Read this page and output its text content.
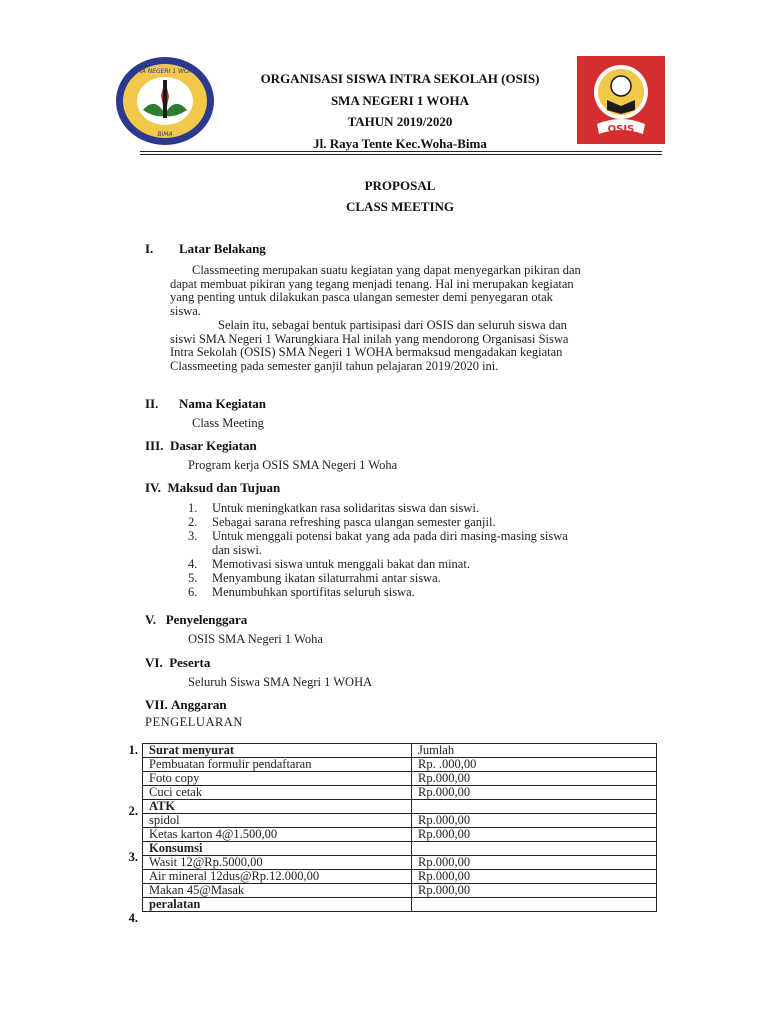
SMA NEGERI 1 WOHA
BIMA
ORGANISASI SISWA INTRA SEKOLAH (OSIS)
SMA NEGERI 1 WOHA
TAHUN 2019/2020
Jl. Raya Tente Kec.Woha-Bima
OSIS
PROPOSAL
CLASS MEETING
I. Latar Belakang
Classmeeting merupakan suatu kegiatan yang dapat menyegarkan pikiran dan
dapat membuat pikiran yang tegang menjadi tenang. Hal ini merupakan kegiatan
yang penting untuk dilakukan pasca ulangan semester demi penyegaran otak
siswa.
Selain itu, sebagai bentuk partisipasi dari OSIS dan seluruh siswa dan
siswi SMA Negeri 1 Warungkiara Hal inilah yang mendorong Organisasi Siswa
Intra Sekolah (OSIS) SMA Negeri 1 WOHA bermaksud mengadakan kegiatan
Classmeeting pada semester ganjil tahun pelajaran 2019/2020 ini.
II. Nama Kegiatan
Class Meeting
III. Dasar Kegiatan
Program kerja OSIS SMA Negeri 1 Woha
IV. Maksud dan Tujuan
1. Untuk meningkatkan rasa solidaritas siswa dan siswi.
2. Sebagai sarana refreshing pasca ulangan semester ganjil.
3. Untuk menggali potensi bakat yang ada pada diri masing-masing siswa
dan siswi.
4. Memotivasi siswa untuk menggali bakat dan minat.
5. Menyambung ikatan silaturrahmi antar siswa.
6. Menumbuhkan sportifitas seluruh siswa.
V. Penyelenggara
OSIS SMA Negeri 1 Woha
VI. Peserta
Seluruh Siswa SMA Negri 1 WOHA
VII. Anggaran
PENGELUARAN
1.
2.
3.
4.
Surat menyurat	Jumlah
Pembuatan formulir pendaftaran	Rp. .000,00
Foto copy	Rp.000,00
Cuci cetak	Rp.000,00
ATK	
spidol	Rp.000,00
Ketas karton 4@1.500,00	Rp.000,00
Konsumsi	
Wasit 12@Rp.5000,00	Rp.000,00
Air mineral 12dus@Rp.12.000,00	Rp.000,00
Makan 45@Masak	Rp.000,00
peralatan	
